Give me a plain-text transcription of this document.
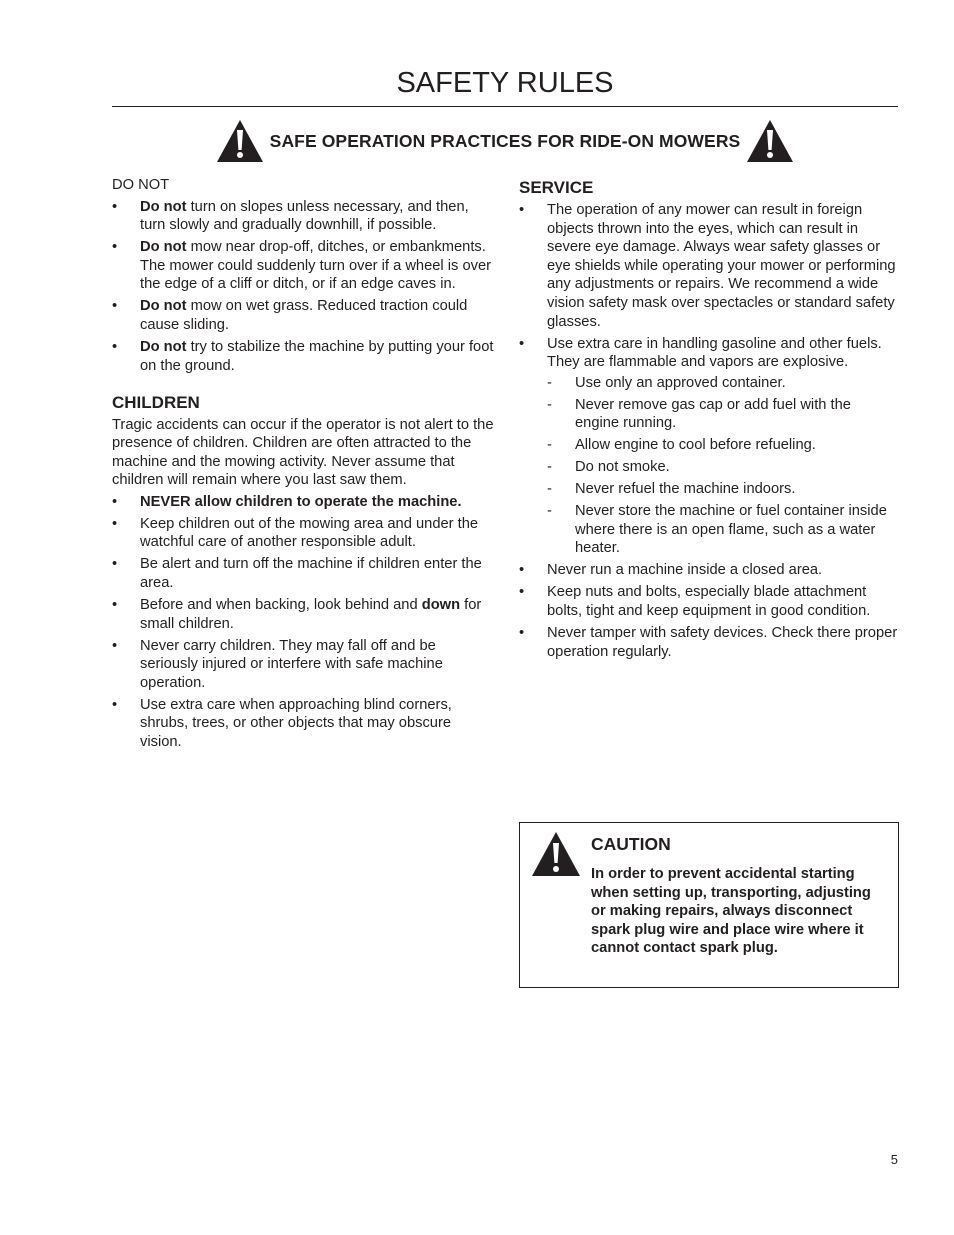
SAFETY RULES
SAFE OPERATION PRACTICES FOR RIDE-ON MOWERS

DO NOT

•	Do not turn on slopes unless necessary, and then, turn slowly and gradually downhill, if possible.
•	Do not mow near drop-off, ditches, or embankments. The mower could suddenly turn over if a wheel is over the edge of a cliff or ditch, or if an edge caves in.
•	Do not mow on wet grass. Reduced traction could cause sliding.
•	Do not try to stabilize the machine by putting your foot on the ground.

CHILDREN

Tragic accidents can occur if the operator is not alert to the presence of children. Children are often attracted to the machine and the mowing activity. Never assume that children will remain where you last saw them.

•	NEVER allow children to operate the machine.
•	Keep children out of the mowing area and under the watchful care of another responsible adult.
•	Be alert and turn off the machine if children enter the area.
•	Before and when backing, look behind and down for small children.
•	Never carry children. They may fall off and be seriously injured or interfere with safe machine operation.
•	Use extra care when approaching blind corners, shrubs, trees, or other objects that may obscure vision.

SERVICE

•	The operation of any mower can result in foreign objects thrown into the eyes, which can result in severe eye damage. Always wear safety glasses or eye shields while operating your mower or performing any adjustments or repairs. We recommend a wide vision safety mask over spectacles or standard safety glasses.
•	Use extra care in handling gasoline and other fuels. They are flammable and vapors are explosive.
-	Use only an approved container.
-	Never remove gas cap or add fuel with the engine running.
-	Allow engine to cool before refueling.
-	Do not smoke.
-	Never refuel the machine indoors.
-	Never store the machine or fuel container inside where there is an open flame, such as a water heater.
•	Never run a machine inside a closed area.
•	Keep nuts and bolts, especially blade attachment bolts, tight and keep equipment in good condition.
•	Never tamper with safety devices. Check there proper operation regularly.

CAUTION

In order to prevent accidental starting when setting up, transporting, adjusting or making repairs, always disconnect spark plug wire and place wire where it cannot contact spark plug.

5
